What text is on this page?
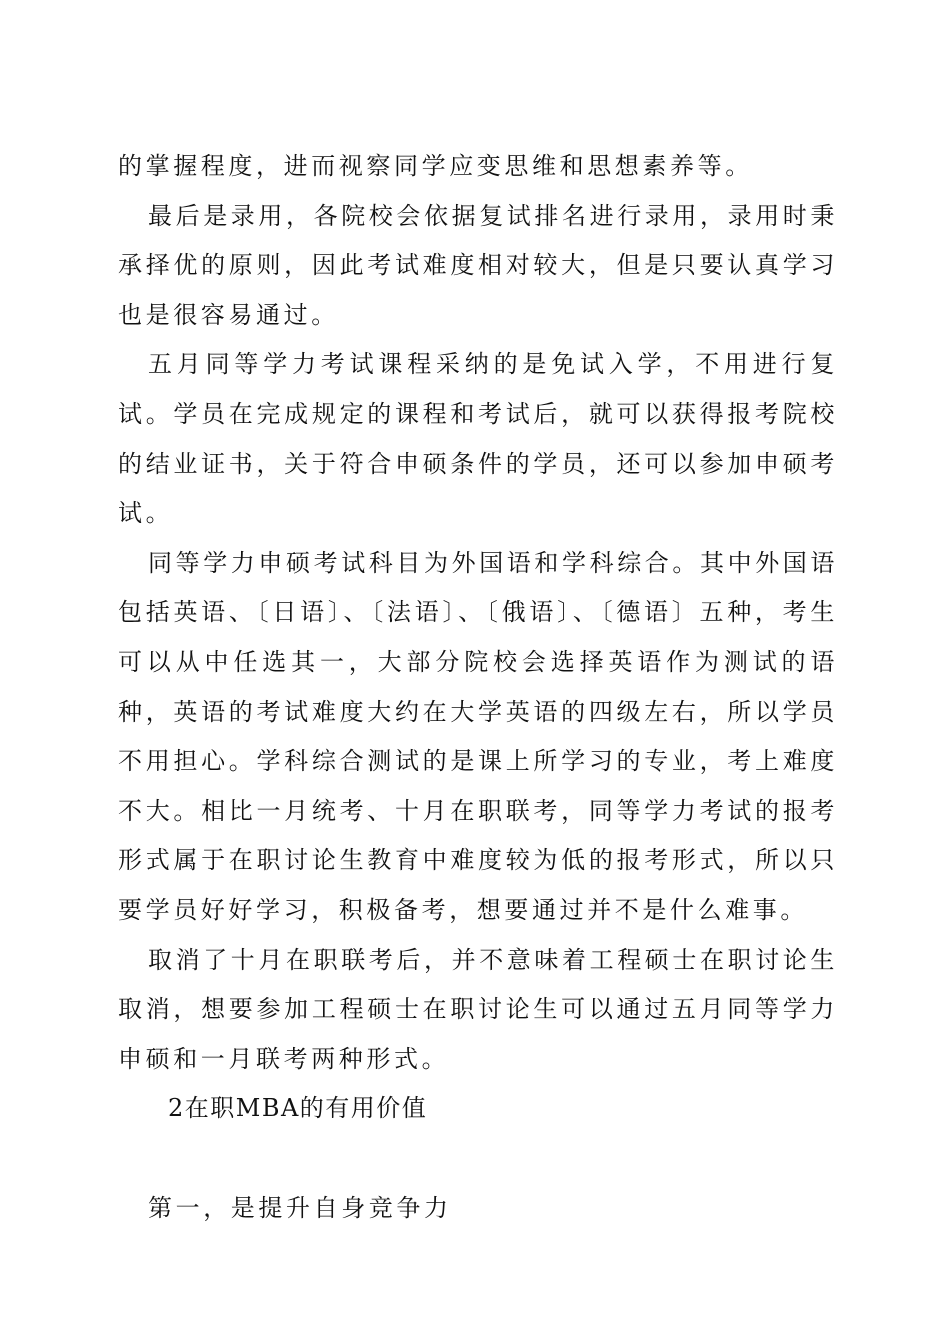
的掌握程度，进而视察同学应变思维和思想素养等。

最后是录用，各院校会依据复试排名进行录用，录用时秉承择优的原则，因此考试难度相对较大，但是只要认真学习也是很容易通过。

五月同等学力考试课程采纳的是免试入学，不用进行复试。学员在完成规定的课程和考试后，就可以获得报考院校的结业证书，关于符合申硕条件的学员，还可以参加申硕考试。

同等学力申硕考试科目为外国语和学科综合。其中外国语包括英语、〔日语〕、〔法语〕、〔俄语〕、〔德语〕五种，考生可以从中任选其一，大部分院校会选择英语作为测试的语种，英语的考试难度大约在大学英语的四级左右，所以学员不用担心。学科综合测试的是课上所学习的专业，考上难度不大。相比一月统考、十月在职联考，同等学力考试的报考形式属于在职讨论生教育中难度较为低的报考形式，所以只要学员好好学习，积极备考，想要通过并不是什么难事。

取消了十月在职联考后，并不意味着工程硕士在职讨论生取消，想要参加工程硕士在职讨论生可以通过五月同等学力申硕和一月联考两种形式。

2在职MBA的有用价值

第一，是提升自身竞争力
